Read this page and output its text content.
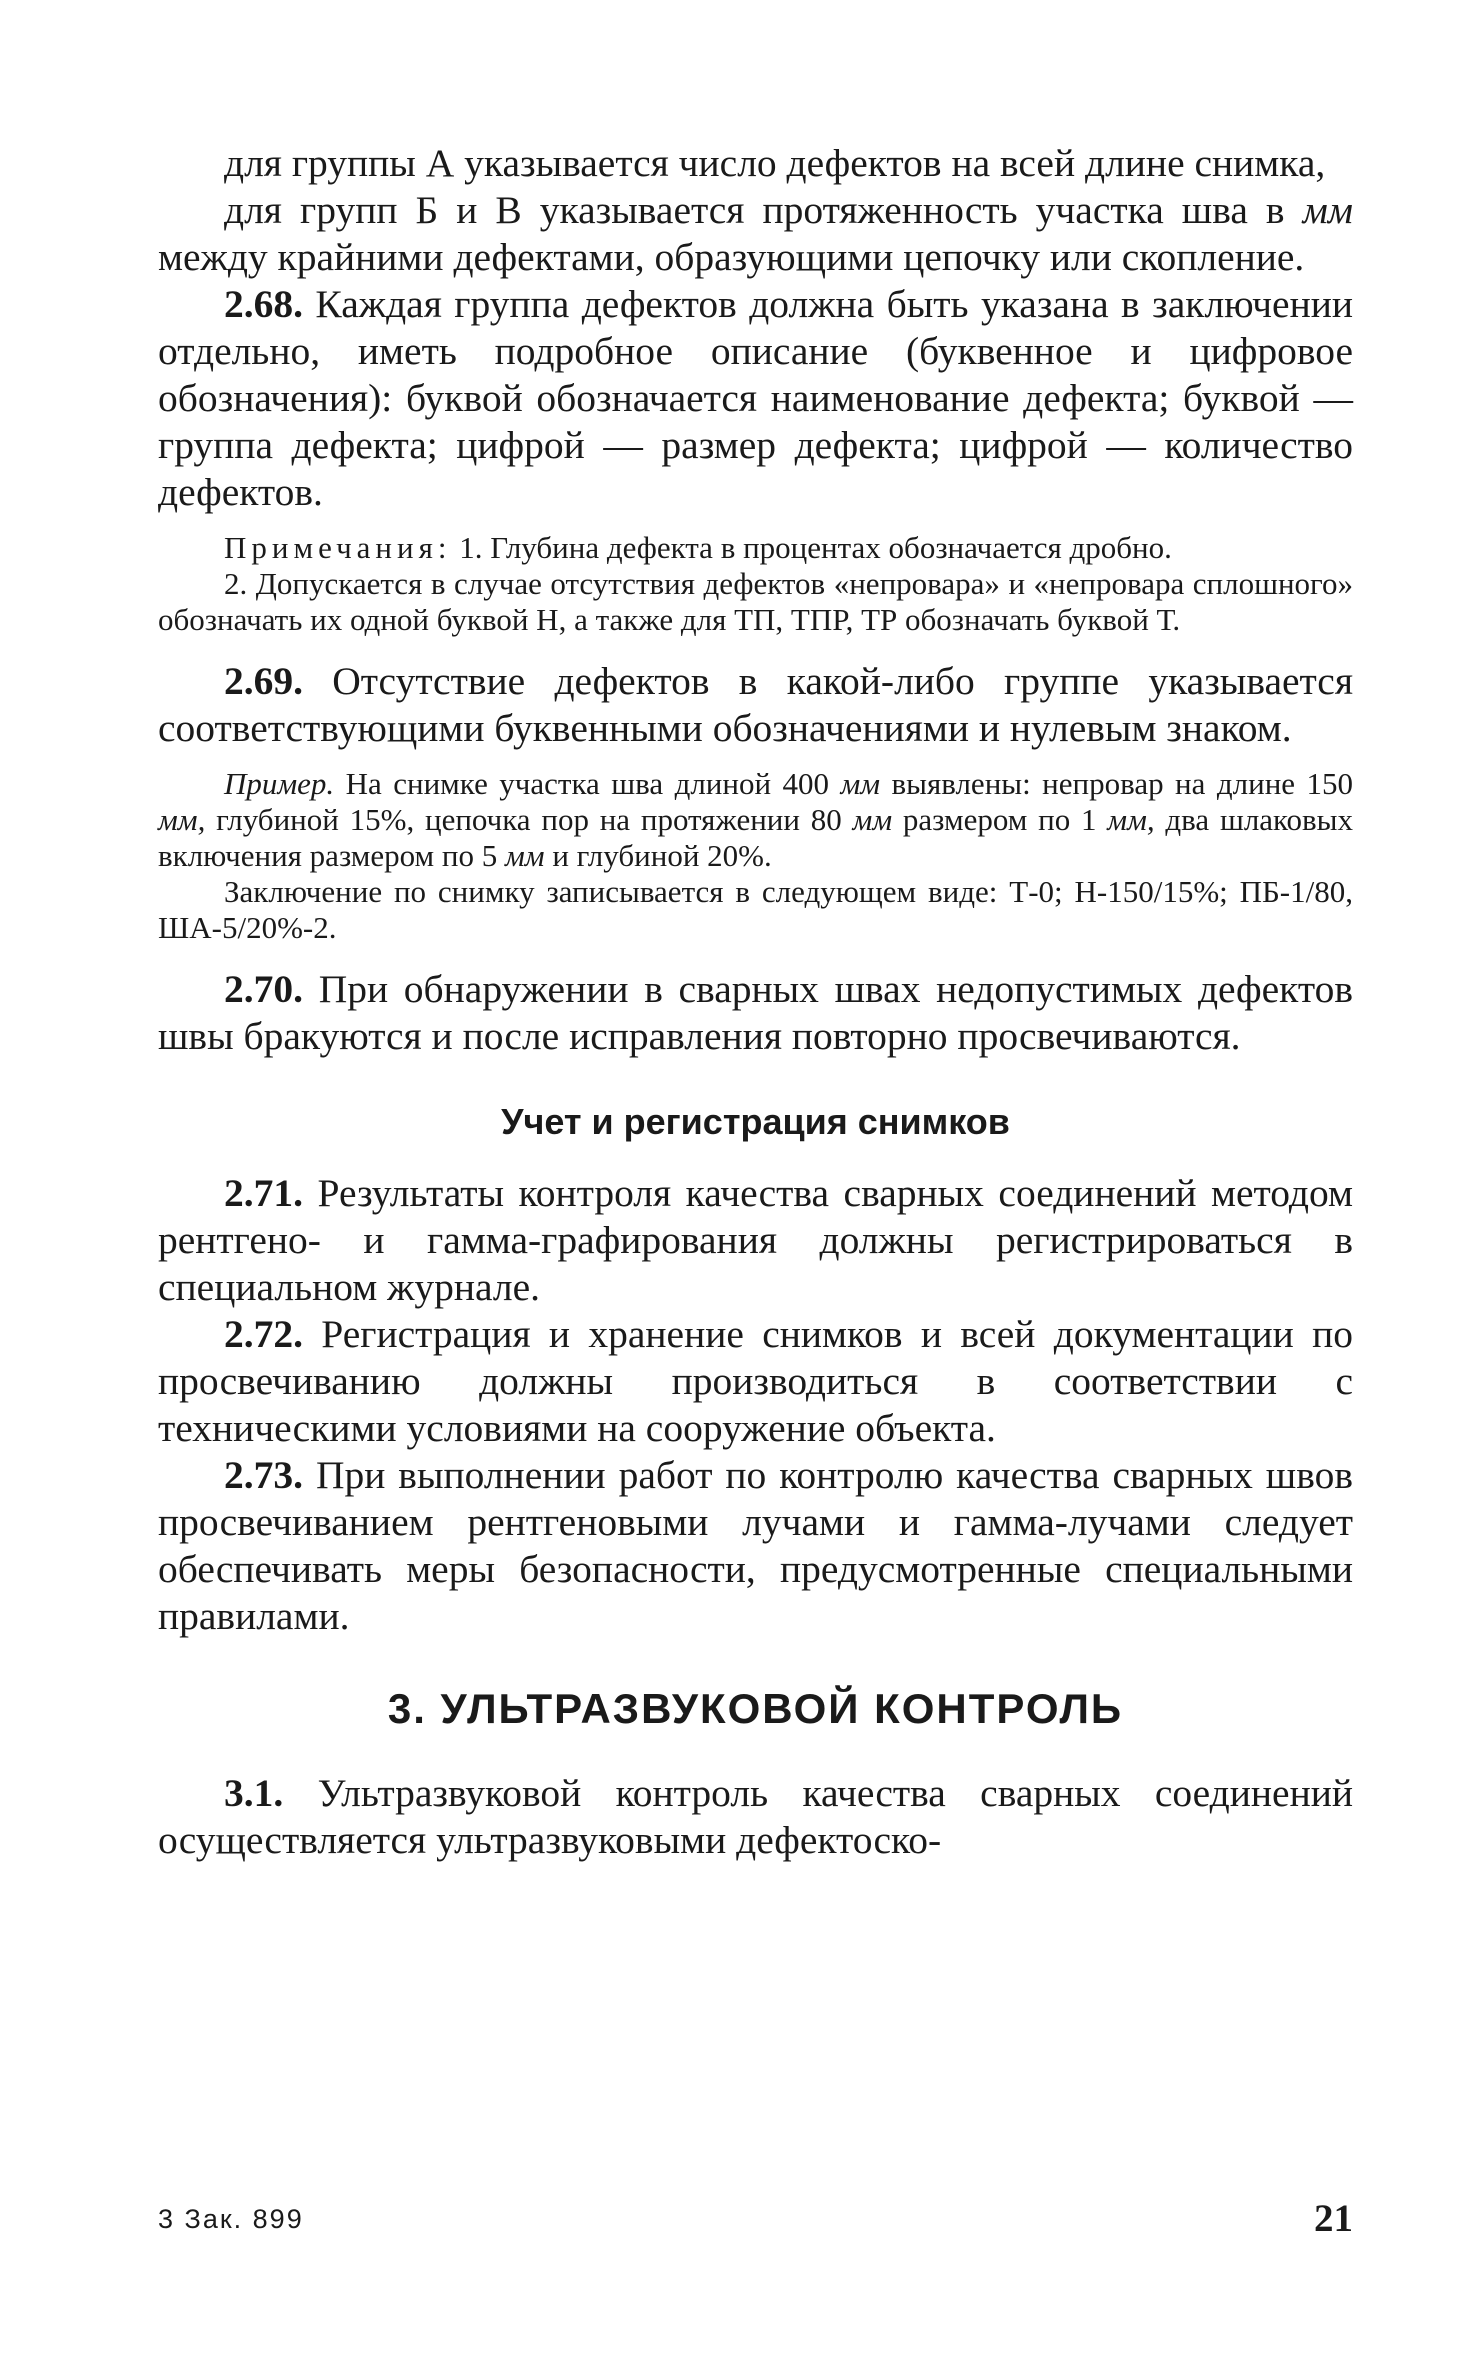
для группы А указывается число дефектов на всей длине снимка,

для групп Б и В указывается протяженность участка шва в мм между крайними дефектами, образующими цепочку или скопление.

2.68. Каждая группа дефектов должна быть указана в заключении отдельно, иметь подробное описание (буквенное и цифровое обозначения): буквой обозначается наименование дефекта; буквой — группа дефекта; цифрой — размер дефекта; цифрой — количество дефектов.

Примечания: 1. Глубина дефекта в процентах обозначается дробно.

2. Допускается в случае отсутствия дефектов «непровара» и «непровара сплошного» обозначать их одной буквой Н, а также для ТП, ТПР, ТР обозначать буквой Т.

2.69. Отсутствие дефектов в какой-либо группе указывается соответствующими буквенными обозначениями и нулевым знаком.

Пример. На снимке участка шва длиной 400 мм выявлены: непровар на длине 150 мм, глубиной 15%, цепочка пор на протяжении 80 мм размером по 1 мм, два шлаковых включения размером по 5 мм и глубиной 20%.

Заключение по снимку записывается в следующем виде: Т-0; Н-150/15%; ПБ-1/80, ША-5/20%-2.

2.70. При обнаружении в сварных швах недопустимых дефектов швы бракуются и после исправления повторно просвечиваются.

Учет и регистрация снимков

2.71. Результаты контроля качества сварных соединений методом рентгено- и гамма-графирования должны регистрироваться в специальном журнале.

2.72. Регистрация и хранение снимков и всей документации по просвечиванию должны производиться в соответствии с техническими условиями на сооружение объекта.

2.73. При выполнении работ по контролю качества сварных швов просвечиванием рентгеновыми лучами и гамма-лучами следует обеспечивать меры безопасности, предусмотренные специальными правилами.

3. УЛЬТРАЗВУКОВОЙ КОНТРОЛЬ

3.1. Ультразвуковой контроль качества сварных соединений осуществляется ультразвуковыми дефектоско-

3 Зак. 899	21
